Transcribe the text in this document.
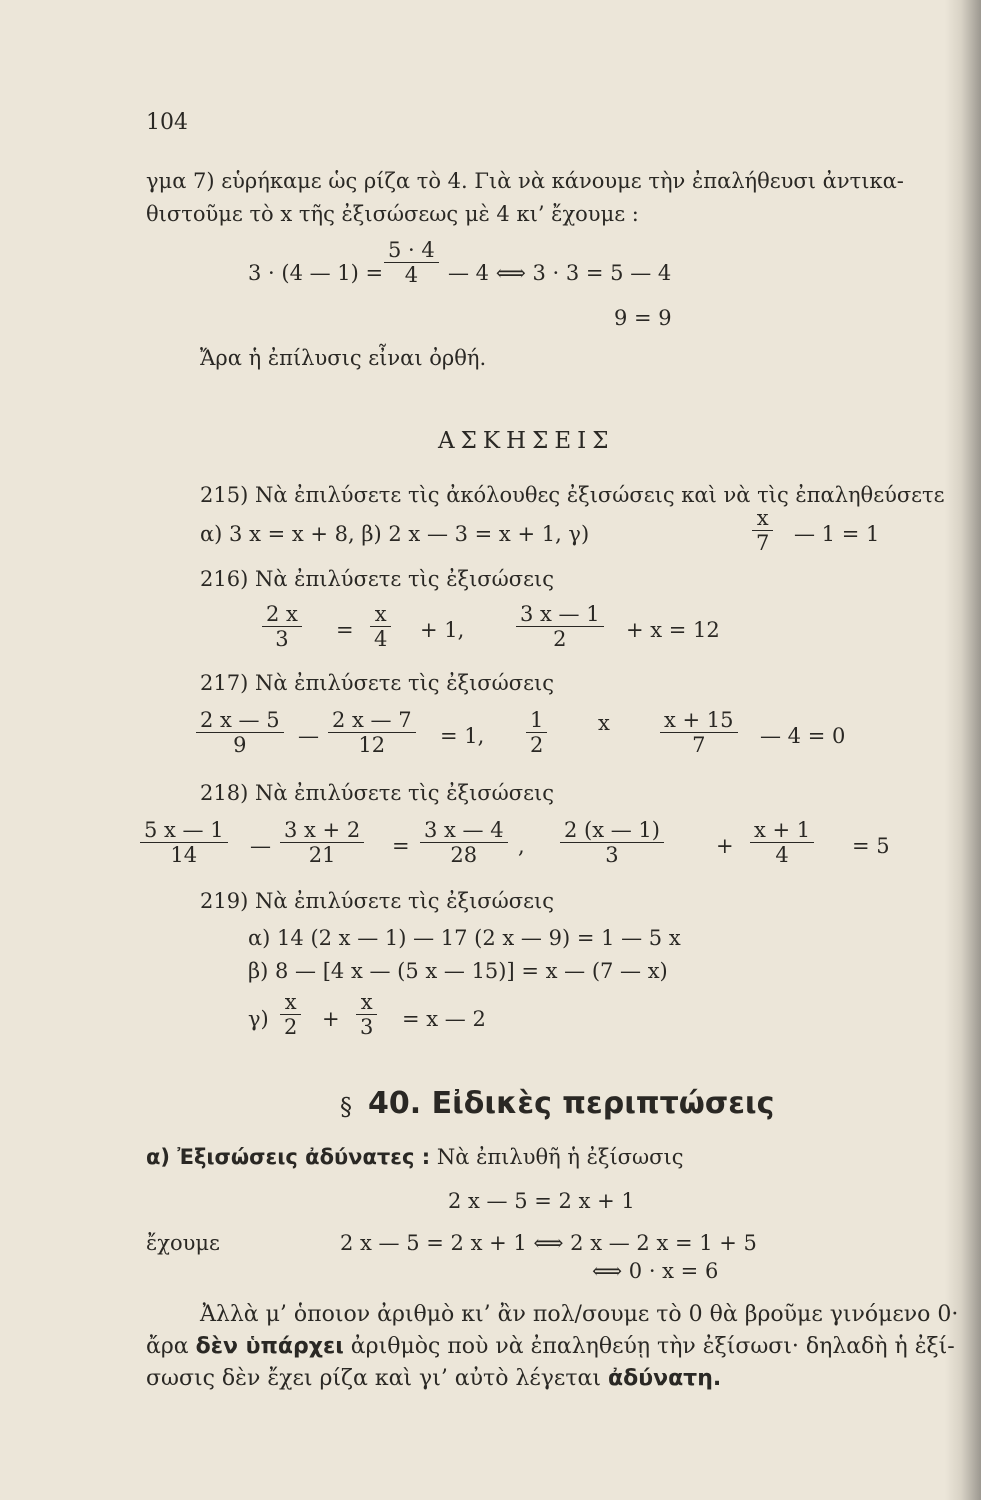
104
γμα 7) εὑρήκαμε ὡς ρίζα τὸ 4. Γιὰ νὰ κάνουμε τὴν ἐπαλήθευσι ἀντικα-
θιστοῦμε τὸ x τῆς ἐξισώσεως μὲ 4 κι’ ἔχουμε :
3 · (4 — $1) = \frac{5 \cdot 4}{4}$ — 4 ⟺ 3 · 3 = 5 — 4
9 = 9
Ἄρα ἡ ἐπίλυσις εἶναι ὀρθή.
ΑΣΚΗΣΕΙΣ
215) Νὰ ἐπιλύσετε τὶς ἀκόλουθες ἐξισώσεις καὶ νὰ τὶς ἐπαληθεύσετε
α) 3 x = x + 8, β) 2 x — 3 = x + 1, γ)	$\frac{x}{7}$ — 1 = 1
216) Νὰ ἐπιλύσετε τὶς ἐξισώσεις
$\frac{2 x}{3} = \frac{x}{4} + 1$, $\frac{3 x — 1}{2} + x = 12$
217) Νὰ ἐπιλύσετε τὶς ἐξισώσεις
$\frac{2 x — 5}{9}$ — $\frac{2 x — 7}{12} = 1$, $\frac{1}{2}$ x $\frac{x + 15}{7}$ — 4 = 0
218) Νὰ ἐπιλύσετε τὶς ἐξισώσεις
$\frac{5 x — 1}{14}$ — $\frac{3 x + 2}{21} = \frac{3 x — 4}{28}$ , $\frac{2 (x — 1)}{3} + \frac{x + 1}{4} = 5$
219) Νὰ ἐπιλύσετε τὶς ἐξισώσεις
α) 14 (2 x — 1) — 17 (2 x — 9) = 1 — 5 x
β) 8 — [4 x — (5 x — 15)] = x — (7 — x)
$\gamma) \frac{x}{2} + \frac{x}{3} = x$ — 2
§ 40. Εἰδικὲς περιπτώσεις
α) Ἐξισώσεις ἀδύνατες : Νὰ ἐπιλυθῆ ἡ ἐξίσωσις
2 x — 5 = 2 x + 1
ἔχουμε	2 x — 5 = 2 x + 1 ⟺ 2 x — 2 x = 1 + 5
⟺ 0 · x = 6
Ἀλλὰ μ’ ὁποιον ἀριθμὸ κι’ ἂν πολ/σουμε τὸ 0 θὰ βροῦμε γινόμενο 0·
ἄρα δὲν ὑπάρχει ἀριθμὸς ποὺ νὰ ἐπαληθεύῃ τὴν ἐξίσωσι· δηλαδὴ ἡ ἐξί-
σωσις δὲν ἔχει ρίζα καὶ γι’ αὐτὸ λέγεται ἀδύνατη.
